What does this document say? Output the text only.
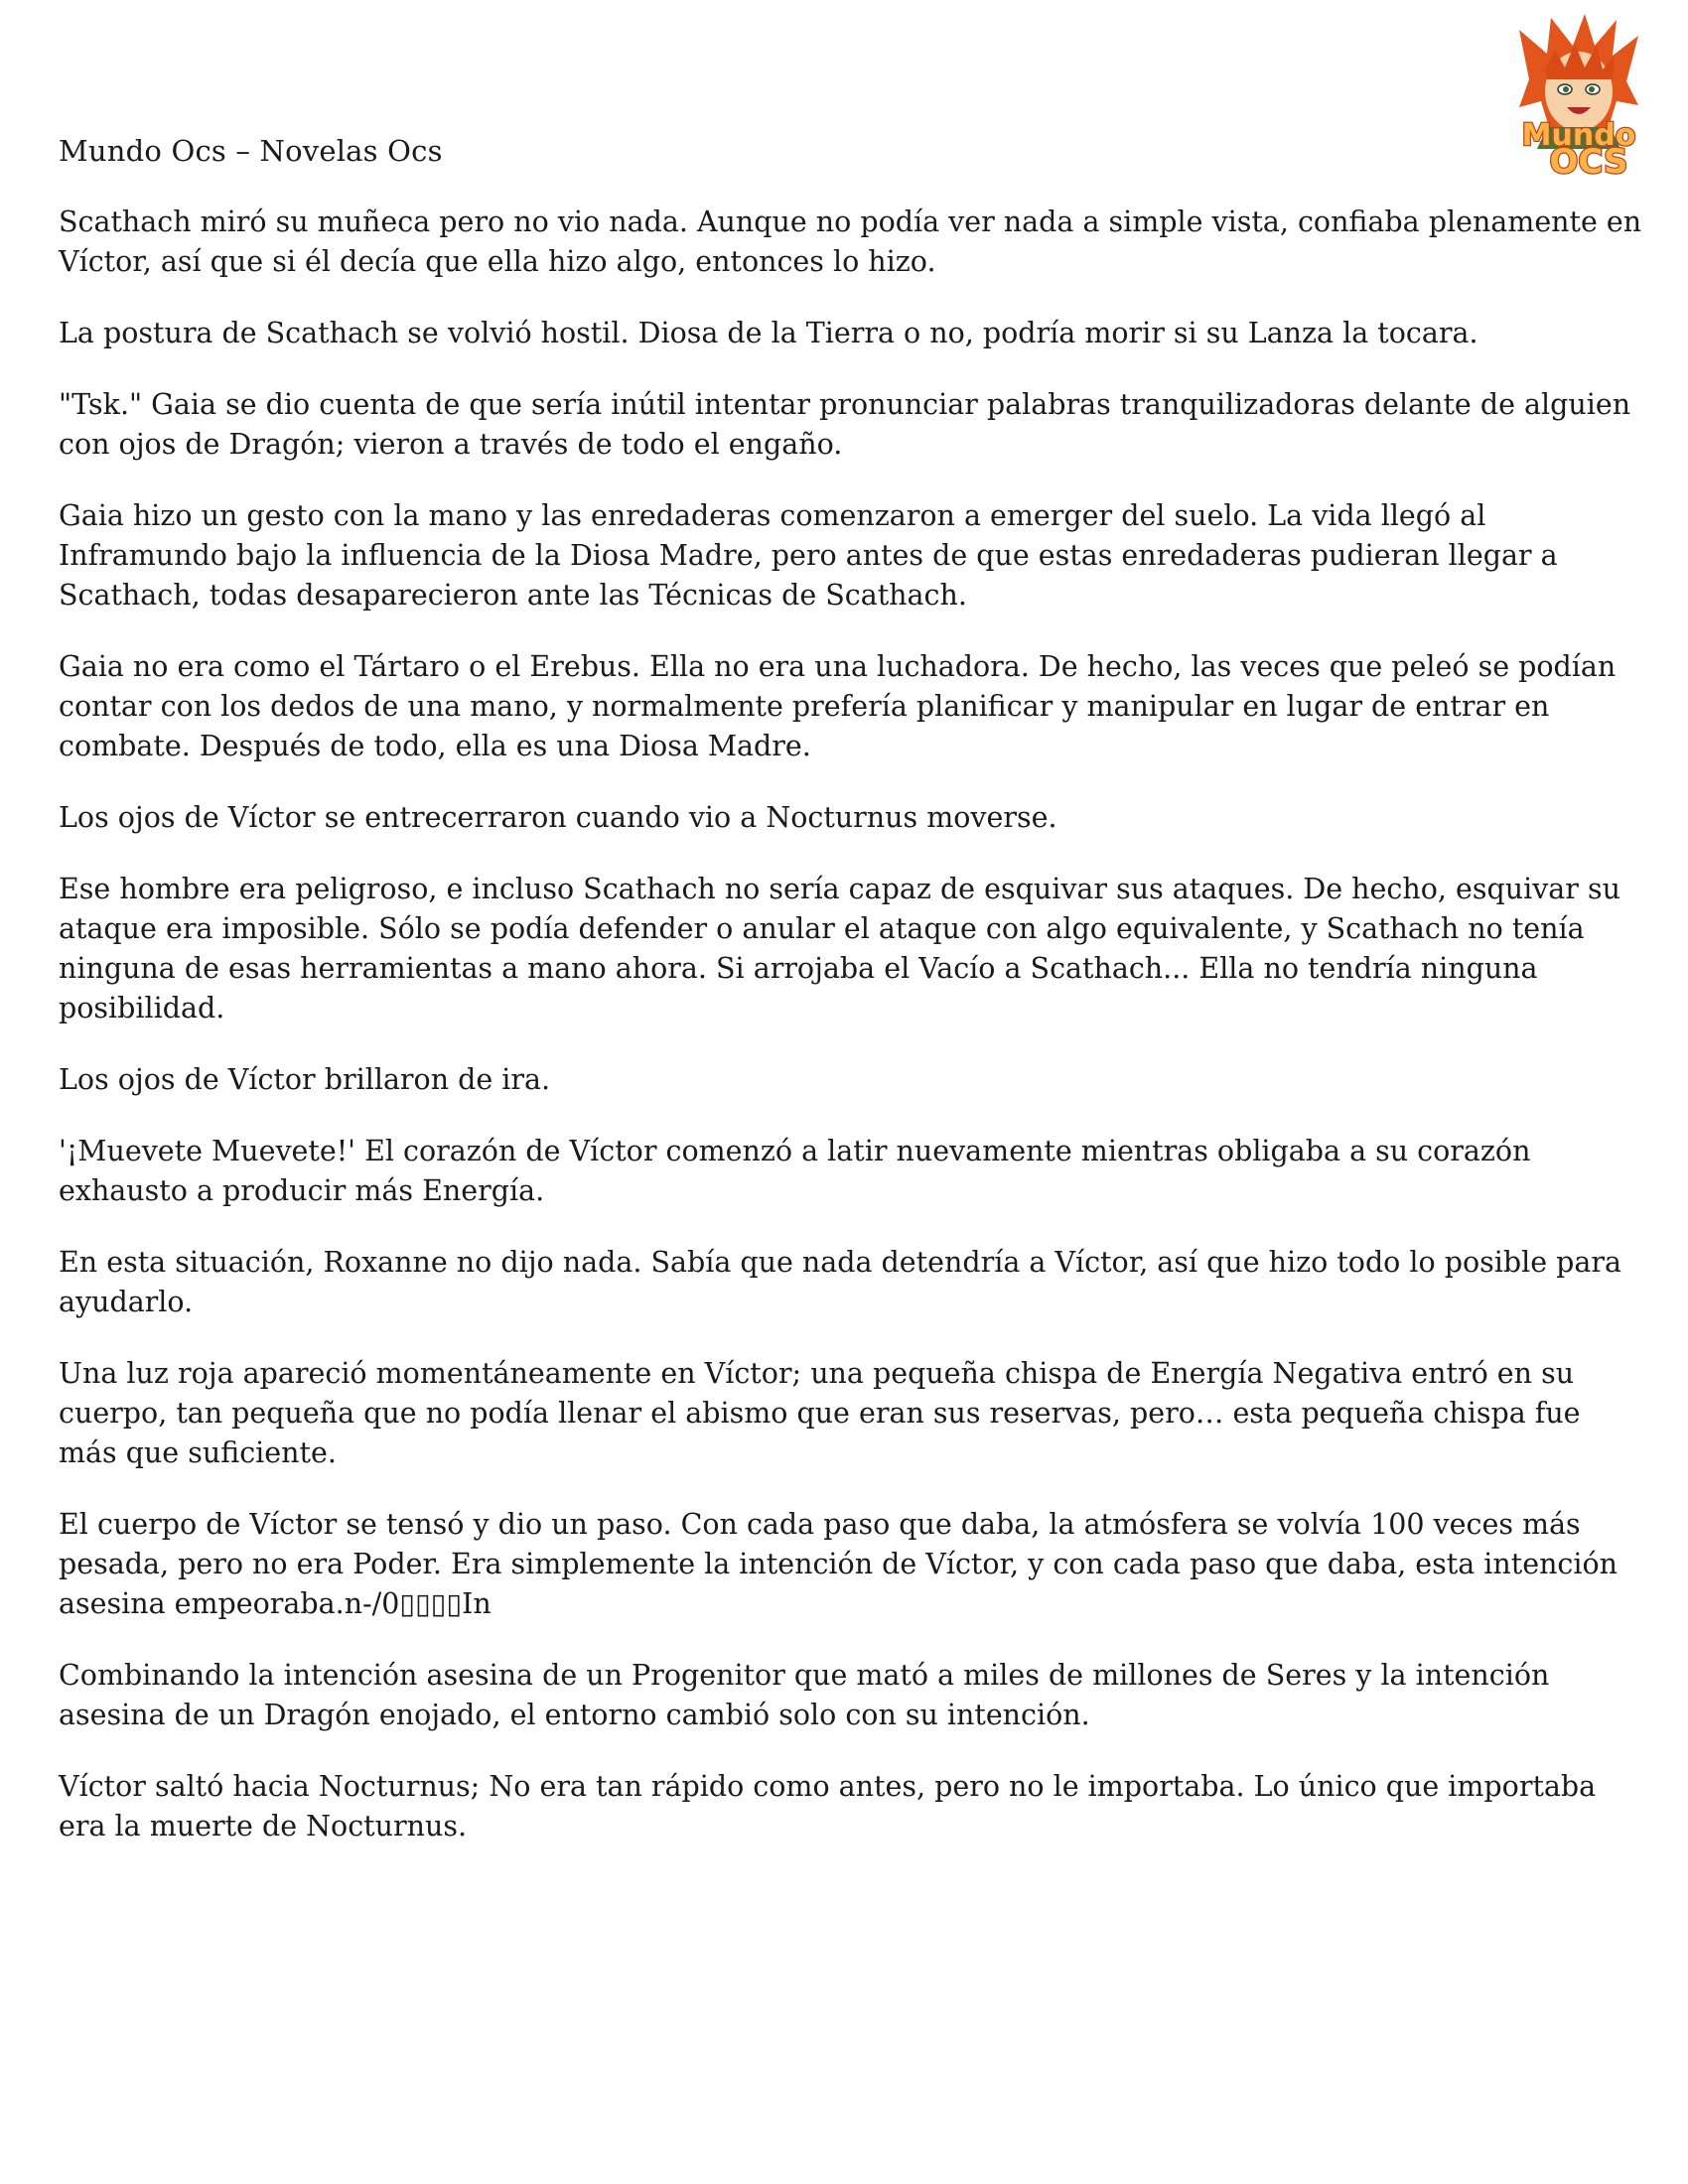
Mundo
OCS
Mundo Ocs – Novelas Ocs

Scathach miró su muñeca pero no vio nada. Aunque no podía ver nada a simple vista, confiaba plenamente en Víctor, así que si él decía que ella hizo algo, entonces lo hizo.

La postura de Scathach se volvió hostil. Diosa de la Tierra o no, podría morir si su Lanza la tocara.

"Tsk." Gaia se dio cuenta de que sería inútil intentar pronunciar palabras tranquilizadoras delante de alguien con ojos de Dragón; vieron a través de todo el engaño.

Gaia hizo un gesto con la mano y las enredaderas comenzaron a emerger del suelo. La vida llegó al Inframundo bajo la influencia de la Diosa Madre, pero antes de que estas enredaderas pudieran llegar a Scathach, todas desaparecieron ante las Técnicas de Scathach.

Gaia no era como el Tártaro o el Erebus. Ella no era una luchadora. De hecho, las veces que peleó se podían contar con los dedos de una mano, y normalmente prefería planificar y manipular en lugar de entrar en combate. Después de todo, ella es una Diosa Madre.

Los ojos de Víctor se entrecerraron cuando vio a Nocturnus moverse.

Ese hombre era peligroso, e incluso Scathach no sería capaz de esquivar sus ataques. De hecho, esquivar su ataque era imposible. Sólo se podía defender o anular el ataque con algo equivalente, y Scathach no tenía ninguna de esas herramientas a mano ahora. Si arrojaba el Vacío a Scathach... Ella no tendría ninguna posibilidad.

Los ojos de Víctor brillaron de ira.

'¡Muevete Muevete!' El corazón de Víctor comenzó a latir nuevamente mientras obligaba a su corazón exhausto a producir más Energía.

En esta situación, Roxanne no dijo nada. Sabía que nada detendría a Víctor, así que hizo todo lo posible para ayudarlo.

Una luz roja apareció momentáneamente en Víctor; una pequeña chispa de Energía Negativa entró en su cuerpo, tan pequeña que no podía llenar el abismo que eran sus reservas, pero… esta pequeña chispa fue más que suficiente.

El cuerpo de Víctor se tensó y dio un paso. Con cada paso que daba, la atmósfera se volvía 100 veces más pesada, pero no era Poder. Era simplemente la intención de Víctor, y con cada paso que daba, esta intención asesina empeoraba.n-/0▯▯▯▯In

Combinando la intención asesina de un Progenitor que mató a miles de millones de Seres y la intención asesina de un Dragón enojado, el entorno cambió solo con su intención.

Víctor saltó hacia Nocturnus; No era tan rápido como antes, pero no le importaba. Lo único que importaba era la muerte de Nocturnus.
